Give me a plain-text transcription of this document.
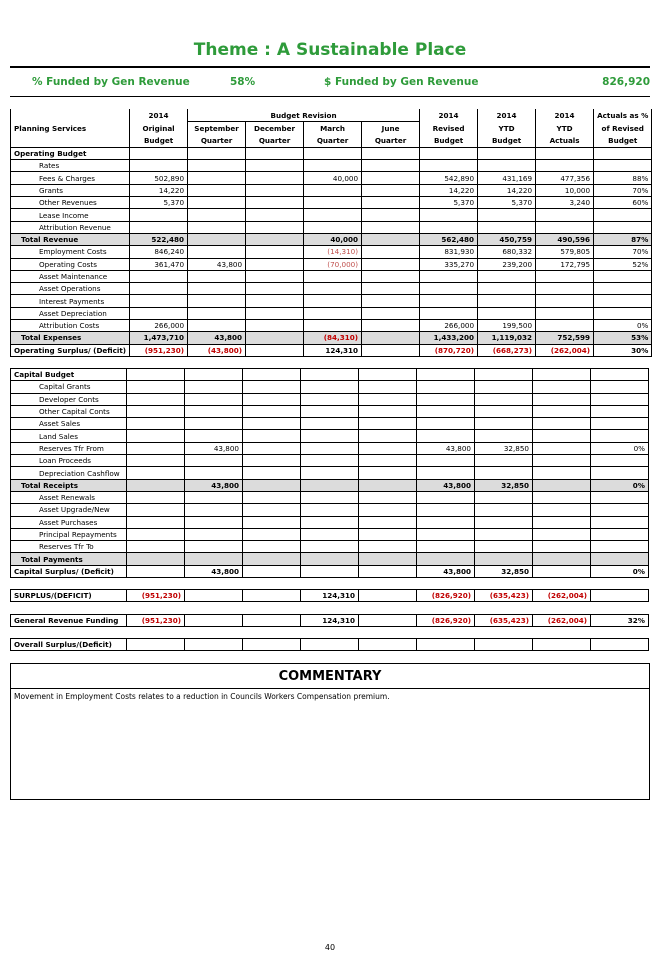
Theme : A Sustainable Place
% Funded by Gen Revenue	58%	$ Funded by Gen Revenue	826,920
	2014	Budget Revision				2014	2014	2014	Actuals as %
Planning Services	Original	September	December	March	June	Revised	YTD	YTD	of Revised
	Budget	Quarter	Quarter	Quarter	Quarter	Budget	Budget	Actuals	Budget
Operating Budget									
Rates									
Fees & Charges	502,890			40,000		542,890	431,169	477,356	88%
Grants	14,220					14,220	14,220	10,000	70%
Other Revenues	5,370					5,370	5,370	3,240	60%
Lease Income									
Attribution Revenue									
Total Revenue	522,480			40,000		562,480	450,759	490,596	87%
Employment Costs	846,240			(14,310)		831,930	680,332	579,805	70%
Operating Costs	361,470	43,800		(70,000)		335,270	239,200	172,795	52%
Asset Maintenance									
Asset Operations									
Interest Payments									
Asset Depreciation									
Attribution Costs	266,000					266,000	199,500		0%
Total Expenses	1,473,710	43,800		(84,310)		1,433,200	1,119,032	752,599	53%
Operating Surplus/ (Deficit)	(951,230)	(43,800)		124,310		(870,720)	(668,273)	(262,004)	30%
Capital Budget									
Capital Grants									
Developer Conts									
Other Capital Conts									
Asset Sales									
Land Sales									
Reserves Tfr From		43,800				43,800	32,850		0%
Loan Proceeds									
Depreciation Cashflow									
Total Receipts		43,800				43,800	32,850		0%
Asset Renewals									
Asset Upgrade/New									
Asset Purchases									
Principal Repayments									
Reserves Tfr To									
Total Payments									
Capital Surplus/ (Deficit)		43,800				43,800	32,850		0%
SURPLUS/(DEFICIT)	(951,230)			124,310		(826,920)	(635,423)	(262,004)	
General Revenue Funding	(951,230)			124,310		(826,920)	(635,423)	(262,004)	32%
Overall Surplus/(Deficit)									
COMMENTARY
Movement in Employment Costs relates to a reduction in Councils Workers Compensation premium.
40
